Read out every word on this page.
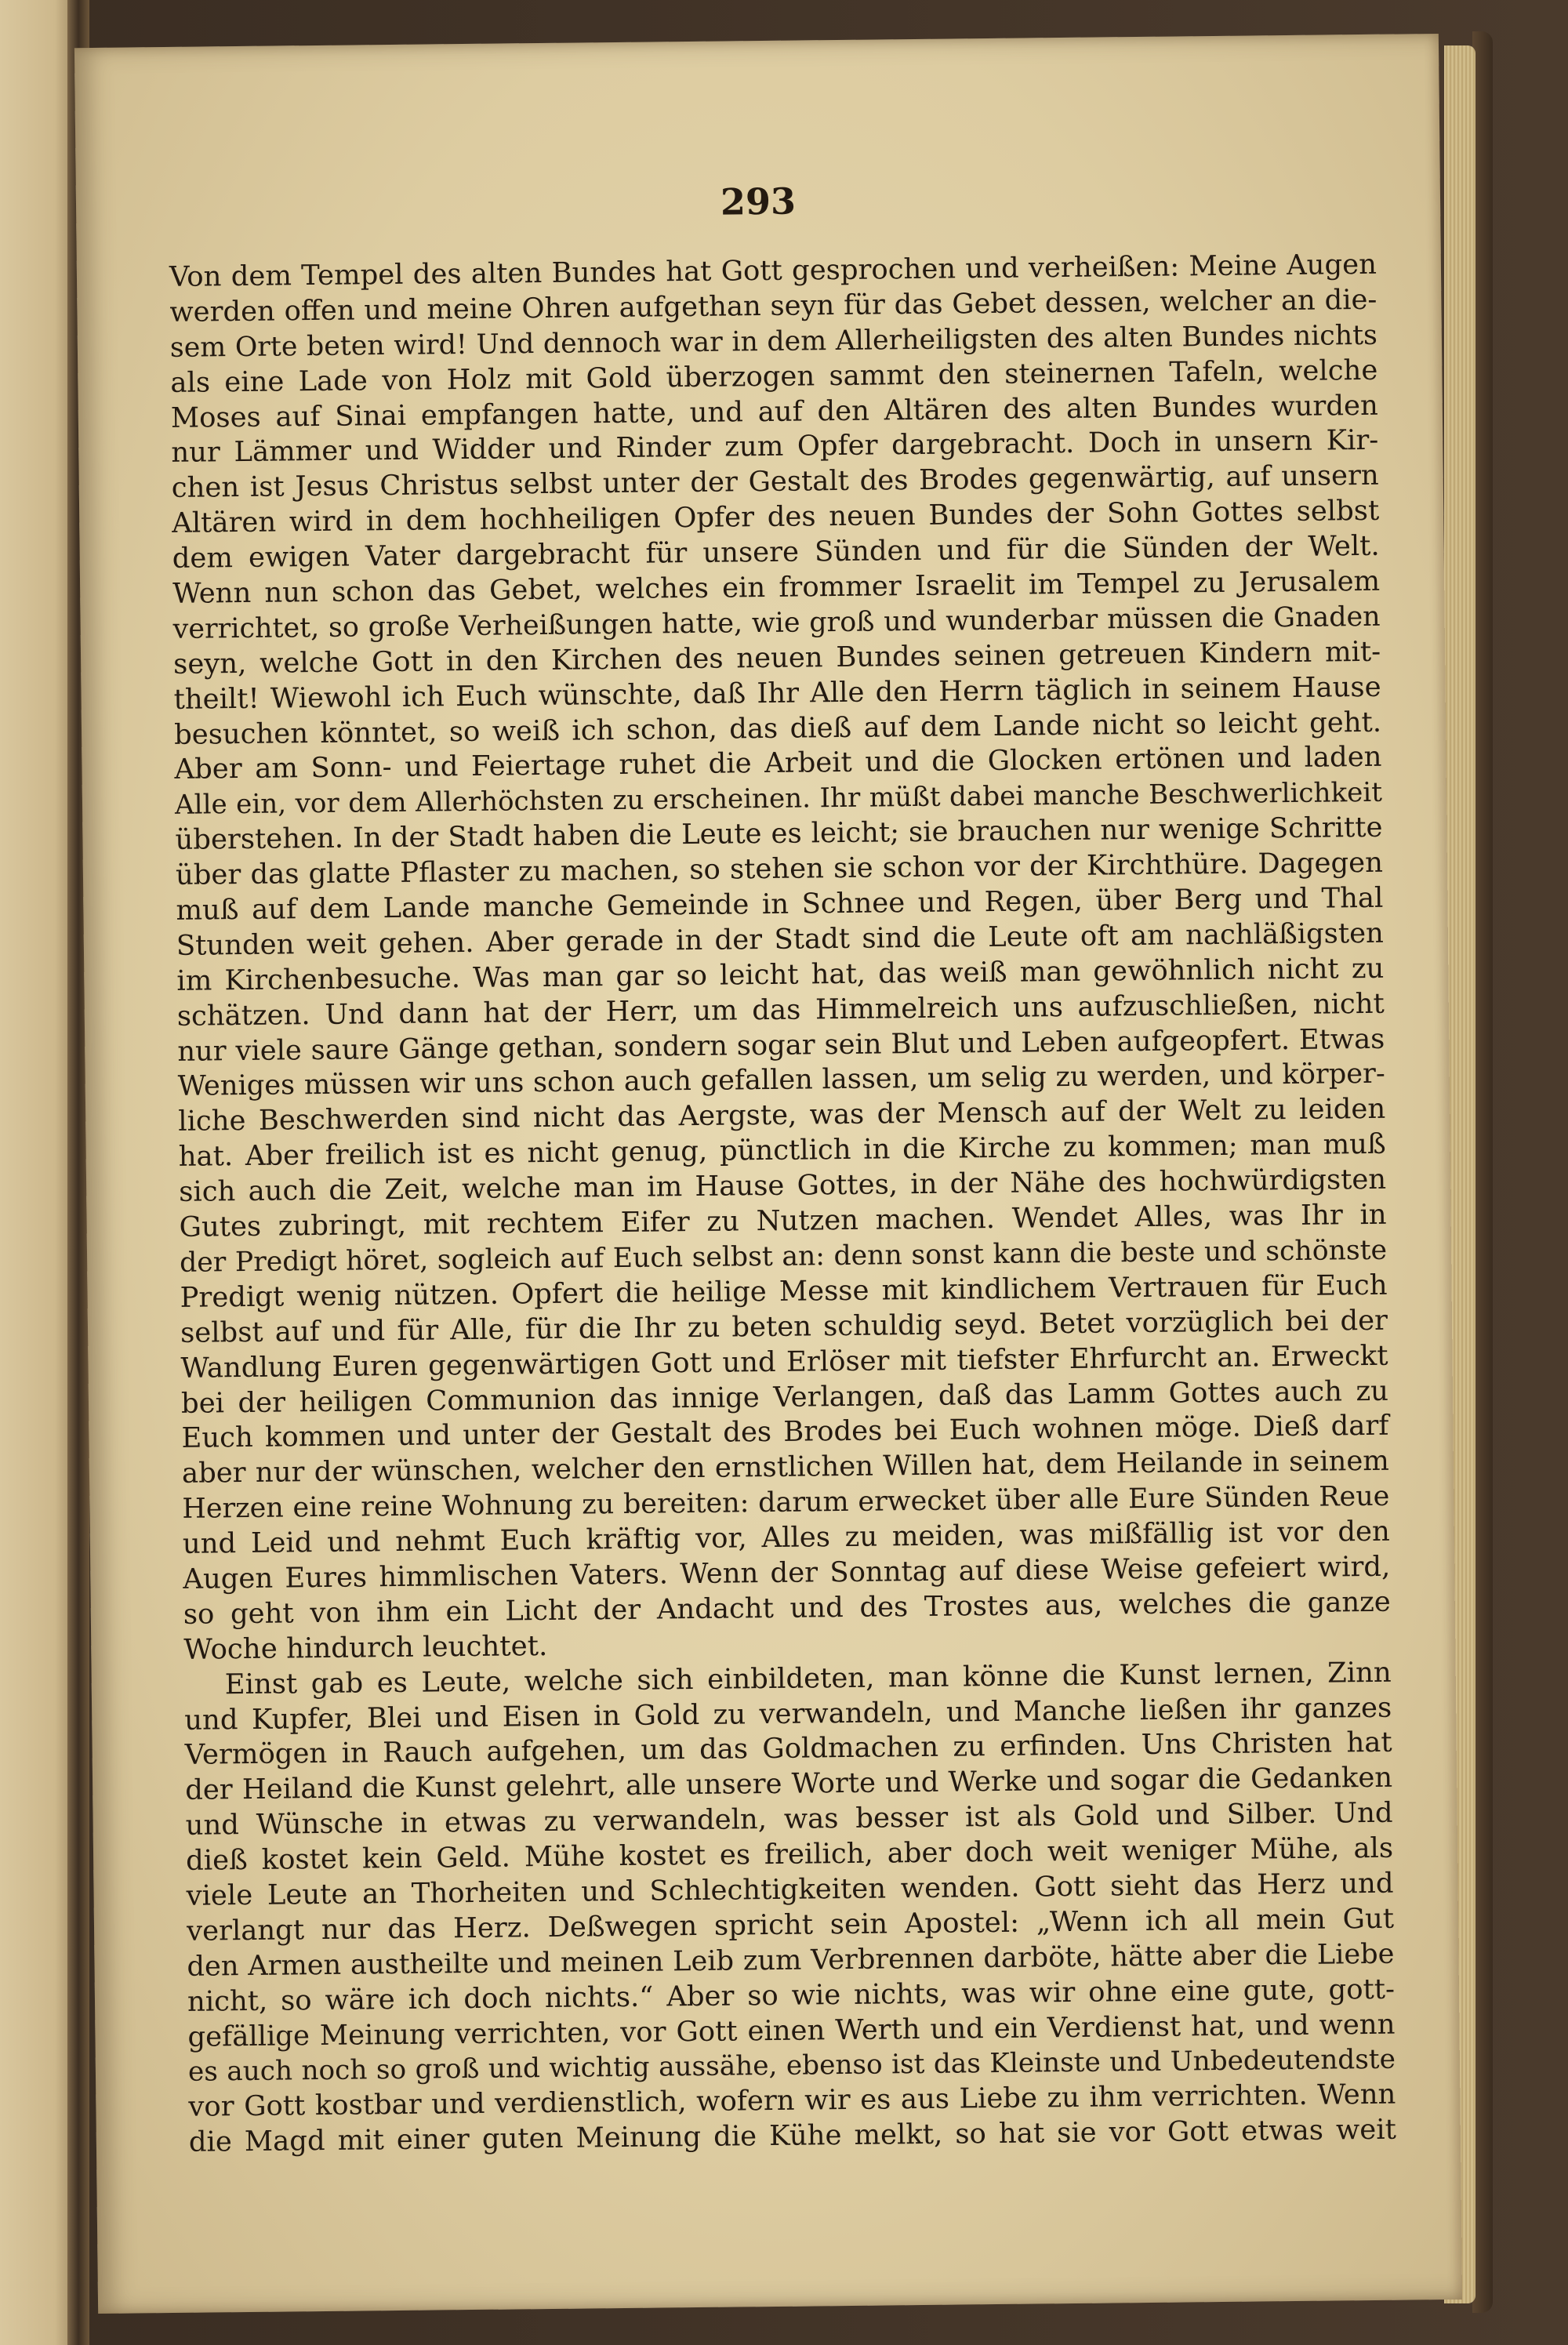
293
Von dem Tempel des alten Bundes hat Gott gesprochen und verheißen: Meine Augen
werden offen und meine Ohren aufgethan seyn für das Gebet dessen, welcher an die-
sem Orte beten wird! Und dennoch war in dem Allerheiligsten des alten Bundes nichts
als eine Lade von Holz mit Gold überzogen sammt den steinernen Tafeln, welche
Moses auf Sinai empfangen hatte, und auf den Altären des alten Bundes wurden
nur Lämmer und Widder und Rinder zum Opfer dargebracht. Doch in unsern Kir-
chen ist Jesus Christus selbst unter der Gestalt des Brodes gegenwärtig, auf unsern
Altären wird in dem hochheiligen Opfer des neuen Bundes der Sohn Gottes selbst
dem ewigen Vater dargebracht für unsere Sünden und für die Sünden der Welt.
Wenn nun schon das Gebet, welches ein frommer Israelit im Tempel zu Jerusalem
verrichtet, so große Verheißungen hatte, wie groß und wunderbar müssen die Gnaden
seyn, welche Gott in den Kirchen des neuen Bundes seinen getreuen Kindern mit-
theilt! Wiewohl ich Euch wünschte, daß Ihr Alle den Herrn täglich in seinem Hause
besuchen könntet, so weiß ich schon, das dieß auf dem Lande nicht so leicht geht.
Aber am Sonn- und Feiertage ruhet die Arbeit und die Glocken ertönen und laden
Alle ein, vor dem Allerhöchsten zu erscheinen. Ihr müßt dabei manche Beschwerlichkeit
überstehen. In der Stadt haben die Leute es leicht; sie brauchen nur wenige Schritte
über das glatte Pflaster zu machen, so stehen sie schon vor der Kirchthüre. Dagegen
muß auf dem Lande manche Gemeinde in Schnee und Regen, über Berg und Thal
Stunden weit gehen. Aber gerade in der Stadt sind die Leute oft am nachläßigsten
im Kirchenbesuche. Was man gar so leicht hat, das weiß man gewöhnlich nicht zu
schätzen. Und dann hat der Herr, um das Himmelreich uns aufzuschließen, nicht
nur viele saure Gänge gethan, sondern sogar sein Blut und Leben aufgeopfert. Etwas
Weniges müssen wir uns schon auch gefallen lassen, um selig zu werden, und körper-
liche Beschwerden sind nicht das Aergste, was der Mensch auf der Welt zu leiden
hat. Aber freilich ist es nicht genug, pünctlich in die Kirche zu kommen; man muß
sich auch die Zeit, welche man im Hause Gottes, in der Nähe des hochwürdigsten
Gutes zubringt, mit rechtem Eifer zu Nutzen machen. Wendet Alles, was Ihr in
der Predigt höret, sogleich auf Euch selbst an: denn sonst kann die beste und schönste
Predigt wenig nützen. Opfert die heilige Messe mit kindlichem Vertrauen für Euch
selbst auf und für Alle, für die Ihr zu beten schuldig seyd. Betet vorzüglich bei der
Wandlung Euren gegenwärtigen Gott und Erlöser mit tiefster Ehrfurcht an. Erweckt
bei der heiligen Communion das innige Verlangen, daß das Lamm Gottes auch zu
Euch kommen und unter der Gestalt des Brodes bei Euch wohnen möge. Dieß darf
aber nur der wünschen, welcher den ernstlichen Willen hat, dem Heilande in seinem
Herzen eine reine Wohnung zu bereiten: darum erwecket über alle Eure Sünden Reue
und Leid und nehmt Euch kräftig vor, Alles zu meiden, was mißfällig ist vor den
Augen Eures himmlischen Vaters. Wenn der Sonntag auf diese Weise gefeiert wird,
so geht von ihm ein Licht der Andacht und des Trostes aus, welches die ganze
Woche hindurch leuchtet.
Einst gab es Leute, welche sich einbildeten, man könne die Kunst lernen, Zinn
und Kupfer, Blei und Eisen in Gold zu verwandeln, und Manche ließen ihr ganzes
Vermögen in Rauch aufgehen, um das Goldmachen zu erfinden. Uns Christen hat
der Heiland die Kunst gelehrt, alle unsere Worte und Werke und sogar die Gedanken
und Wünsche in etwas zu verwandeln, was besser ist als Gold und Silber. Und
dieß kostet kein Geld. Mühe kostet es freilich, aber doch weit weniger Mühe, als
viele Leute an Thorheiten und Schlechtigkeiten wenden. Gott sieht das Herz und
verlangt nur das Herz. Deßwegen spricht sein Apostel: „Wenn ich all mein Gut
den Armen austheilte und meinen Leib zum Verbrennen darböte, hätte aber die Liebe
nicht, so wäre ich doch nichts.“ Aber so wie nichts, was wir ohne eine gute, gott-
gefällige Meinung verrichten, vor Gott einen Werth und ein Verdienst hat, und wenn
es auch noch so groß und wichtig aussähe, ebenso ist das Kleinste und Unbedeutendste
vor Gott kostbar und verdienstlich, wofern wir es aus Liebe zu ihm verrichten. Wenn
die Magd mit einer guten Meinung die Kühe melkt, so hat sie vor Gott etwas weit
